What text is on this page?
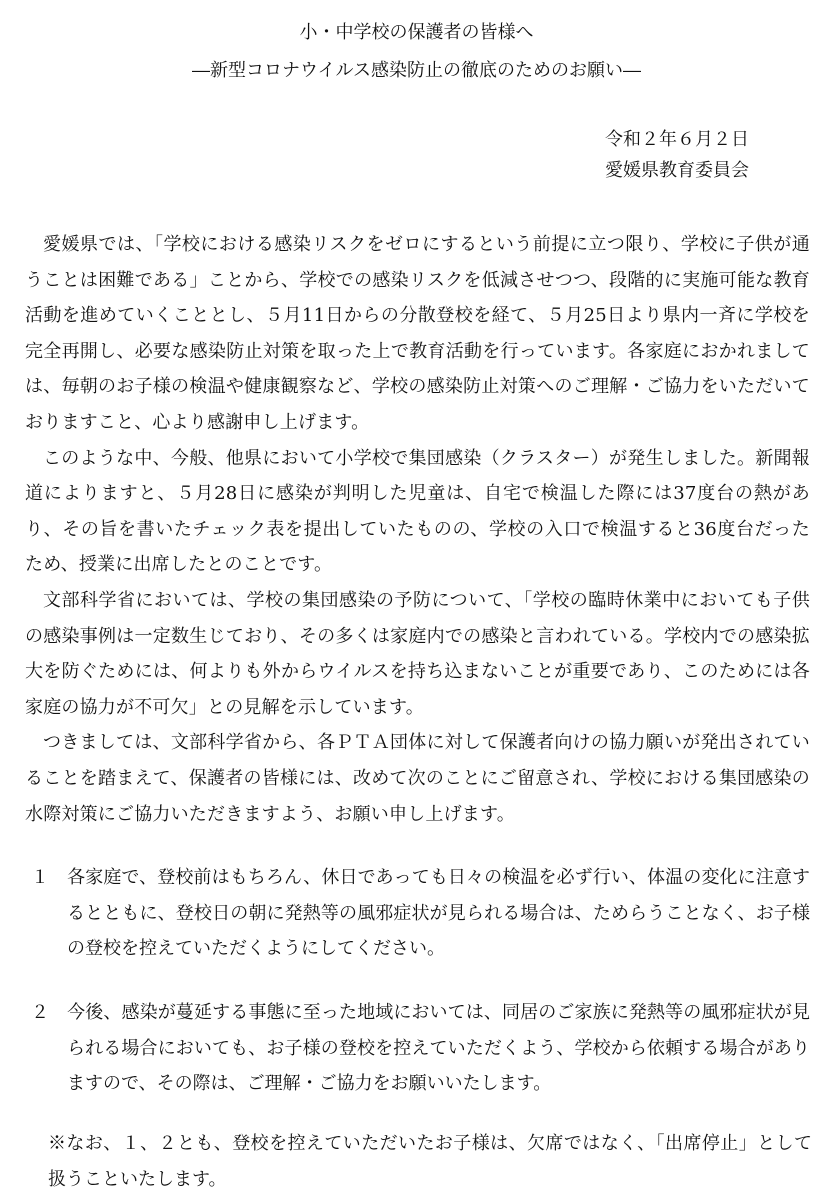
小・中学校の保護者の皆様へ
―新型コロナウイルス感染防止の徹底のためのお願い―
令和２年６月２日
愛媛県教育委員会

愛媛県では、「学校における感染リスクをゼロにするという前提に立つ限り、学校に子供が通うことは困難である」ことから、学校での感染リスクを低減させつつ、段階的に実施可能な教育活動を進めていくこととし、５月11日からの分散登校を経て、５月25日より県内一斉に学校を完全再開し、必要な感染防止対策を取った上で教育活動を行っています。各家庭におかれましては、毎朝のお子様の検温や健康観察など、学校の感染防止対策へのご理解・ご協力をいただいておりますこと、心より感謝申し上げます。

このような中、今般、他県において小学校で集団感染（クラスター）が発生しました。新聞報道によりますと、５月28日に感染が判明した児童は、自宅で検温した際には37度台の熱があり、その旨を書いたチェック表を提出していたものの、学校の入口で検温すると36度台だったため、授業に出席したとのことです。

文部科学省においては、学校の集団感染の予防について、「学校の臨時休業中においても子供の感染事例は一定数生じており、その多くは家庭内での感染と言われている。学校内での感染拡大を防ぐためには、何よりも外からウイルスを持ち込まないことが重要であり、このためには各家庭の協力が不可欠」との見解を示しています。

つきましては、文部科学省から、各ＰＴＡ団体に対して保護者向けの協力願いが発出されていることを踏まえて、保護者の皆様には、改めて次のことにご留意され、学校における集団感染の水際対策にご協力いただきますよう、お願い申し上げます。

１ 各家庭で、登校前はもちろん、休日であっても日々の検温を必ず行い、体温の変化に注意するとともに、登校日の朝に発熱等の風邪症状が見られる場合は、ためらうことなく、お子様の登校を控えていただくようにしてください。

２ 今後、感染が蔓延する事態に至った地域においては、同居のご家族に発熱等の風邪症状が見られる場合においても、お子様の登校を控えていただくよう、学校から依頼する場合がありますので、その際は、ご理解・ご協力をお願いいたします。

※なお、１、２とも、登校を控えていただいたお子様は、欠席ではなく、「出席停止」として扱うこといたします。
